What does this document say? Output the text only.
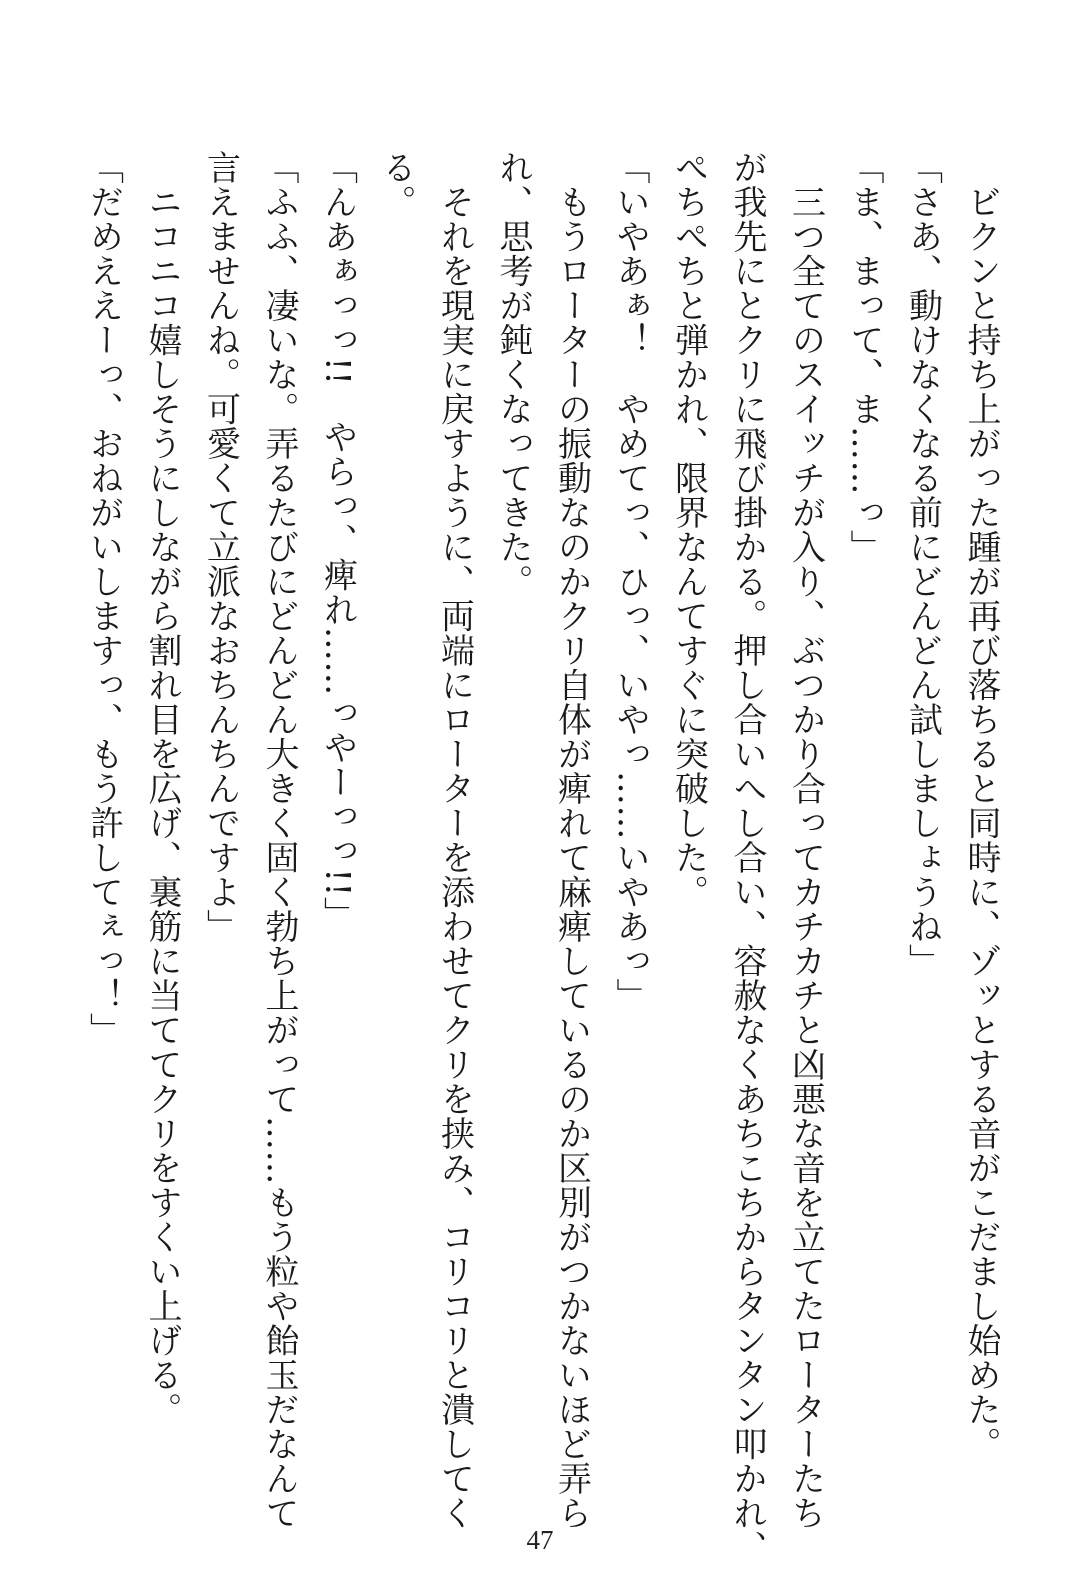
　ビクンと持ち上がった踵が再び落ちると同時に、ゾッとする音がこだまし始めた。
「さあ、動けなくなる前にどんどん試しましょうね」
「ま、まって、ま……っ」
　三つ全てのスイッチが入り、ぶつかり合ってカチカチと凶悪な音を立てたローターたち
が我先にとクリに飛び掛かる。押し合いへし合い、容赦なくあちこちからタンタン叩かれ、
ぺちぺちと弾かれ、限界なんてすぐに突破した。
「いやあぁ！　やめてっ、ひっ、いやっ……いやあっ」
　もうローターの振動なのかクリ自体が痺れて麻痺しているのか区別がつかないほど弄ら
れ、思考が鈍くなってきた。
　それを現実に戻すように、両端にローターを添わせてクリを挟み、コリコリと潰してく
る。
「んあぁっっ!!　やらっ、痺れ……っやーっっ!!」
「ふふ、凄いな。弄るたびにどんどん大きく固く勃ち上がって……もう粒や飴玉だなんて
言えませんね。可愛くて立派なおちんちんですよ」
　ニコニコ嬉しそうにしながら割れ目を広げ、裏筋に当ててクリをすくい上げる。
「だめええーっ、おねがいしますっ、もう許してぇっ！」
47
